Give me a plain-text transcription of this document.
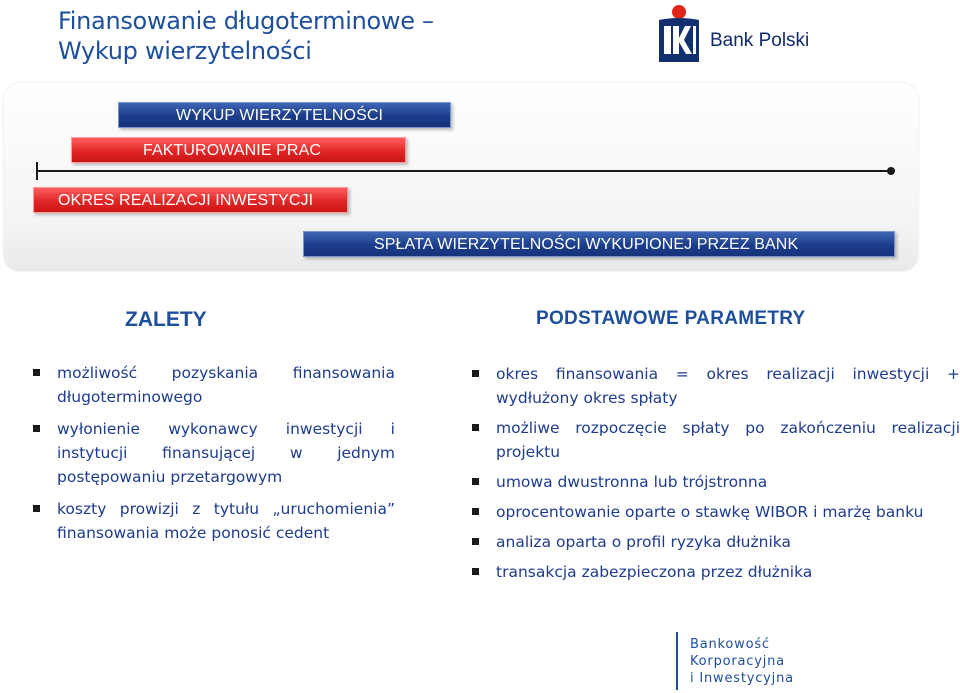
Finansowanie długoterminowe –
Wykup wierzytelności	Bank Polski
WYKUP WIERZYTELNOŚCI
FAKTUROWANIE PRAC
OKRES REALIZACJI INWESTYCJI
SPŁATA WIERZYTELNOŚCI WYKUPIONEJ PRZEZ BANK
ZALETY	PODSTAWOWE PARAMETRY
możliwość pozyskania finansowania długoterminowego
wyłonienie wykonawcy inwestycji i instytucji finansującej w jednym postępowaniu przetargowym
koszty prowizji z tytułu „uruchomienia” finansowania może ponosić cedent
okres finansowania = okres realizacji inwestycji + wydłużony okres spłaty
możliwe rozpoczęcie spłaty po zakończeniu realizacji projektu
umowa dwustronna lub trójstronna
oprocentowanie oparte o stawkę WIBOR i marżę banku
analiza oparta o profil ryzyka dłużnika
transakcja zabezpieczona przez dłużnika
Bankowość
Korporacyjna
i Inwestycyjna
